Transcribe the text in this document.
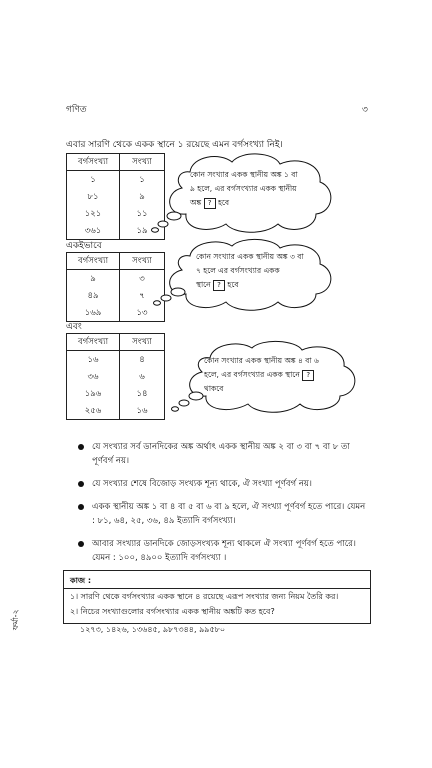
গণিত	৩
এবার সারণি থেকে একক স্থানে ১ রয়েছে এমন বর্গসংখ্যা নিই।
বর্গসংখ্যা	সংখ্যা
১	১
৮১	৯
১২১	১১
৩৬১	১৯
কোন সংখ্যার একক স্থানীয় অঙ্ক ১ বা
৯ হলে, এর বর্গসংখ্যার একক স্থানীয়
অঙ্ক ? হবে
একইভাবে
বর্গসংখ্যা	সংখ্যা
৯	৩
৪৯	৭
১৬৯	১৩
কোন সংখ্যার একক স্থানীয় অঙ্ক ৩ বা
৭ হলে এর বর্গসংখ্যার একক
স্থানে ? হবে
এবং
বর্গসংখ্যা	সংখ্যা
১৬	৪
৩৬	৬
১৯৬	১৪
২৫৬	১৬
কোন সংখ্যার একক স্থানীয় অঙ্ক ৪ বা ৬
হলে, এর বর্গসংখ্যার একক স্থানে ?
থাকবে
যে সংখ্যার সর্ব ডানদিকের অঙ্ক অর্থাৎ একক স্থানীয় অঙ্ক ২ বা ৩ বা ৭ বা ৮ তা পূর্ণবর্গ নয়।
যে সংখ্যার শেষে বিজোড় সংখ্যক শূন্য থাকে, ঐ সংখ্যা পূর্ণবর্গ নয়।
একক স্থানীয় অঙ্ক ১ বা ৪ বা ৫ বা ৬ বা ৯ হলে, ঐ সংখ্যা পূর্ণবর্গ হতে পারে। যেমন : ৮১, ৬৪, ২৫, ৩৬, ৪৯ ইত্যাদি বর্গসংখ্যা।
আবার সংখ্যার ডানদিকে জোড়সংখ্যক শূন্য থাকলে ঐ সংখ্যা পূর্ণবর্গ হতে পারে। যেমন : ১০০, ৪৯০০ ইত্যাদি বর্গসংখ্যা ।
কাজ :
১। সারণি থেকে বর্গসংখ্যার একক স্থানে ৪ রয়েছে এরূপ সংখ্যার জন্য নিয়ম তৈরি কর।
২। নিচের সংখ্যাগুলোর বর্গসংখ্যার একক স্থানীয় অঙ্কটি কত হবে?
১২৭৩, ১৪২৬, ১৩৬৪৫, ৯৮৭৩৪৪, ৯৯৫৮০
ফর্মা-২
